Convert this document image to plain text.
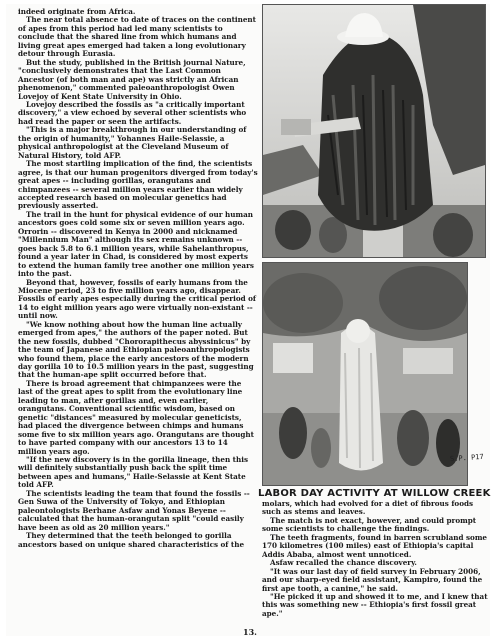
indeed originate from Africa.

The near total absence to date of traces on the continent of apes from this period had led many scientists to conclude that the shared line from which humans and living great apes emerged had taken a long evolutionary detour through Eurasia.

But the study, published in the British journal Nature, "conclusively demonstrates that the Last Common Ancestor (of both man and ape) was strictly an African phenomenon," commented paleoanthropologist Owen Lovejoy of Kent State University in Ohio.

Lovejoy described the fossils as "a critically important discovery," a view echoed by several other scientists who had read the paper or seen the artifacts.

"This is a major breakthrough in our understanding of the origin of humanity," Yohannes Haile-Selassie, a physical anthropologist at the Cleveland Museum of Natural History, told AFP.

The most startling implication of the find, the scientists agree, is that our human progenitors diverged from today's great apes -- including gorillas, orangutans and chimpanzees -- several million years earlier than widely accepted research based on molecular genetics had previously asserted.

The trail in the hunt for physical evidence of our human ancestors goes cold some six or seven million years ago. Orrorin -- discovered in Kenya in 2000 and nicknamed "Millennium Man" although its sex remains unknown -- goes back 5.8 to 6.1 million years, while Sahelanthropus, found a year later in Chad, is considered by most experts to extend the human family tree another one million years into the past.

Beyond that, however, fossils of early humans from the Miocene period, 23 to five million years ago, disappear. Fossils of early apes especially during the critical period of 14 to eight million years ago were virtually non-existant -- until now.

"We know nothing about how the human line actually emerged from apes," the authors of the paper noted. But the new fossils, dubbed "Chororapithecus abyssinicus" by the team of Japanese and Ethiopian paleoanthropologists who found them, place the early ancestors of the modern day gorilla 10 to 10.5 million years in the past, suggesting that the human-ape split occurred before that.

There is broad agreement that chimpanzees were the last of the great apes to split from the evolutionary line leading to man, after gorillas and, even earlier, orangutans. Conventional scientific wisdom, based on genetic "distances" measured by molecular geneticists, had placed the divergence between chimps and humans some five to six million years ago. Orangutans are thought to have parted company with our ancestors 13 to 14 million years ago.

"If the new discovery is in the gorilla lineage, then this will definitely substantially push back the split time between apes and humans," Haile-Selassie at Kent State told AFP.

The scientists leading the team that found the fossils -- Gen Suwa of the University of Tokyo, and Ethiopian paleontologists Berhane Asfaw and Yonas Beyene -- calculated that the human-orangutan split "could easily have been as old as 20 million years."

They determined that the teeth belonged to gorilla ancestors based on unique shared characteristics of the

S.P. P17
LABOR DAY ACTIVITY AT WILLOW CREEK

molars, which had evolved for a diet of fibrous foods such as stems and leaves.

The match is not exact, however, and could prompt some scientists to challenge the findings.

The teeth fragments, found in barren scrubland some 170 kilometres (100 miles) east of Ethiopia's capital Addis Ababa, almost went unnoticed.

Asfaw recalled the chance discovery.

"It was our last day of field survey in February 2006, and our sharp-eyed field assistant, Kampiro, found the first ape tooth, a canine," he said.

"He picked it up and showed it to me, and I knew that this was something new -- Ethiopia's first fossil great ape."

13.
